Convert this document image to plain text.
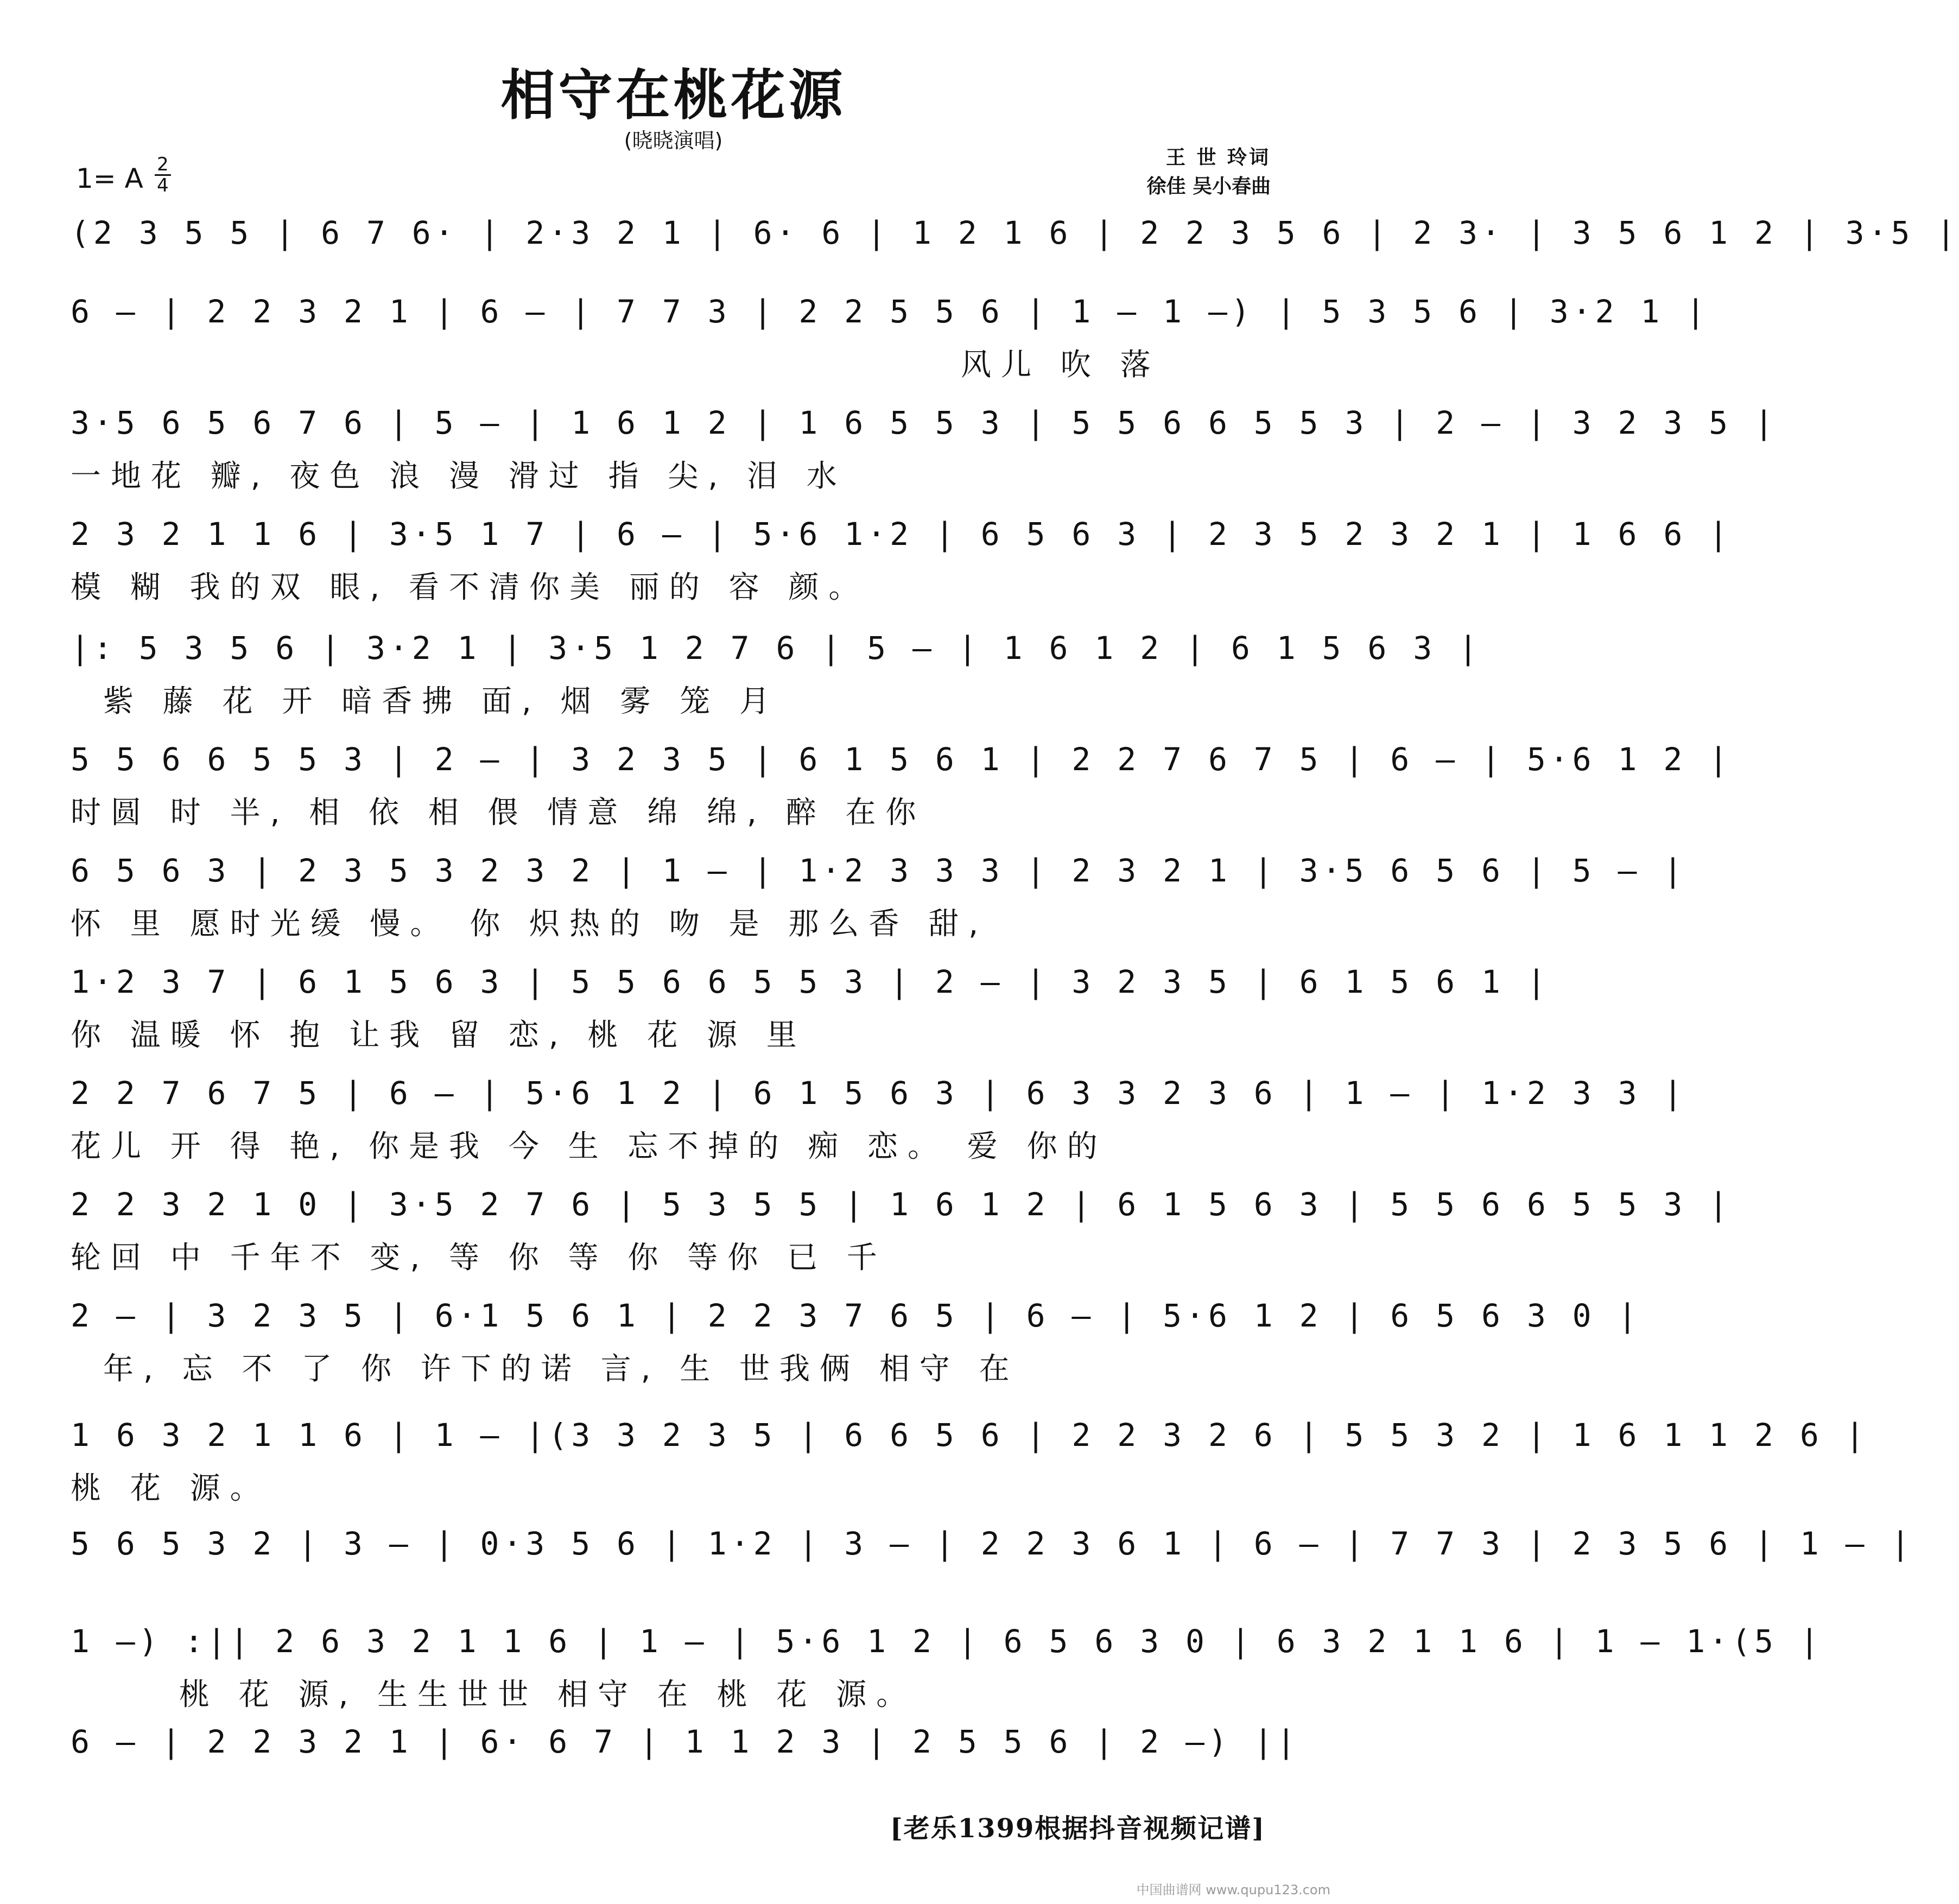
相守在桃花源
(晓晓演唱)
1= A 2
4
王 世 玲词
徐佳 吴小春曲
(2 3 5 5 | 6 7 6· | 2·3 2 1 | 6· 6 | 1 2 1 6 | 2 2 3 5 6 | 2 3· | 3 5 6 1 2 | 3·5 |
6 – | 2 2 3 2 1 | 6 – | 7 7 3 | 2 2 5 5 6 | 1 – 1 –) | 5 3 5 6 | 3·2 1 |
风儿 吹 落
3·5 6 5 6 7 6 | 5 – | 1 6 1 2 | 1 6 5 5 3 | 5 5 6 6 5 5 3 | 2 – | 3 2 3 5 |
一地花 瓣, 夜色 浪 漫 滑过 指 尖, 泪 水
2 3 2 1 1 6 | 3·5 1 7 | 6 – | 5·6 1·2 | 6 5 6 3 | 2 3 5 2 3 2 1 | 1 6 6 |
模 糊 我的双 眼, 看不清你美 丽的 容 颜。
|: 5 3 5 6 | 3·2 1 | 3·5 1 2 7 6 | 5 – | 1 6 1 2 | 6 1 5 6 3 |
紫 藤 花 开 暗香拂 面, 烟 雾 笼 月
5 5 6 6 5 5 3 | 2 – | 3 2 3 5 | 6 1 5 6 1 | 2 2 7 6 7 5 | 6 – | 5·6 1 2 |
时圆 时 半, 相 依 相 偎 情意 绵 绵, 醉 在你
6 5 6 3 | 2 3 5 3 2 3 2 | 1 – | 1·2 3 3 3 | 2 3 2 1 | 3·5 6 5 6 | 5 – |
怀 里 愿时光缓 慢。 你 炽热的 吻 是 那么香 甜,
1·2 3 7 | 6 1 5 6 3 | 5 5 6 6 5 5 3 | 2 – | 3 2 3 5 | 6 1 5 6 1 |
你 温暖 怀 抱 让我 留 恋, 桃 花 源 里
2 2 7 6 7 5 | 6 – | 5·6 1 2 | 6 1 5 6 3 | 6 3 3 2 3 6 | 1 – | 1·2 3 3 |
花儿 开 得 艳, 你是我 今 生 忘不掉的 痴 恋。 爱 你的
2 2 3 2 1 0 | 3·5 2 7 6 | 5 3 5 5 | 1 6 1 2 | 6 1 5 6 3 | 5 5 6 6 5 5 3 |
轮回 中 千年不 变, 等 你 等 你 等你 已 千
2 – | 3 2 3 5 | 6·1 5 6 1 | 2 2 3 7 6 5 | 6 – | 5·6 1 2 | 6 5 6 3 0 |
年, 忘 不 了 你 许下的诺 言, 生 世我俩 相守 在
1 6 3 2 1 1 6 | 1 – |(3 3 2 3 5 | 6 6 5 6 | 2 2 3 2 6 | 5 5 3 2 | 1 6 1 1 2 6 |
桃 花 源。
5 6 5 3 2 | 3 – | 0·3 5 6 | 1·2 | 3 – | 2 2 3 6 1 | 6 – | 7 7 3 | 2 3 5 6 | 1 – |
1 –) :|| 2 6 3 2 1 1 6 | 1 – | 5·6 1 2 | 6 5 6 3 0 | 6 3 2 1 1 6 | 1 – 1·(5 |
桃 花 源, 生生世世 相守 在 桃 花 源。
6 – | 2 2 3 2 1 | 6· 6 7 | 1 1 2 3 | 2 5 5 6 | 2 –) ||
[老乐1399根据抖音视频记谱]
中国曲谱网 www.qupu123.com
